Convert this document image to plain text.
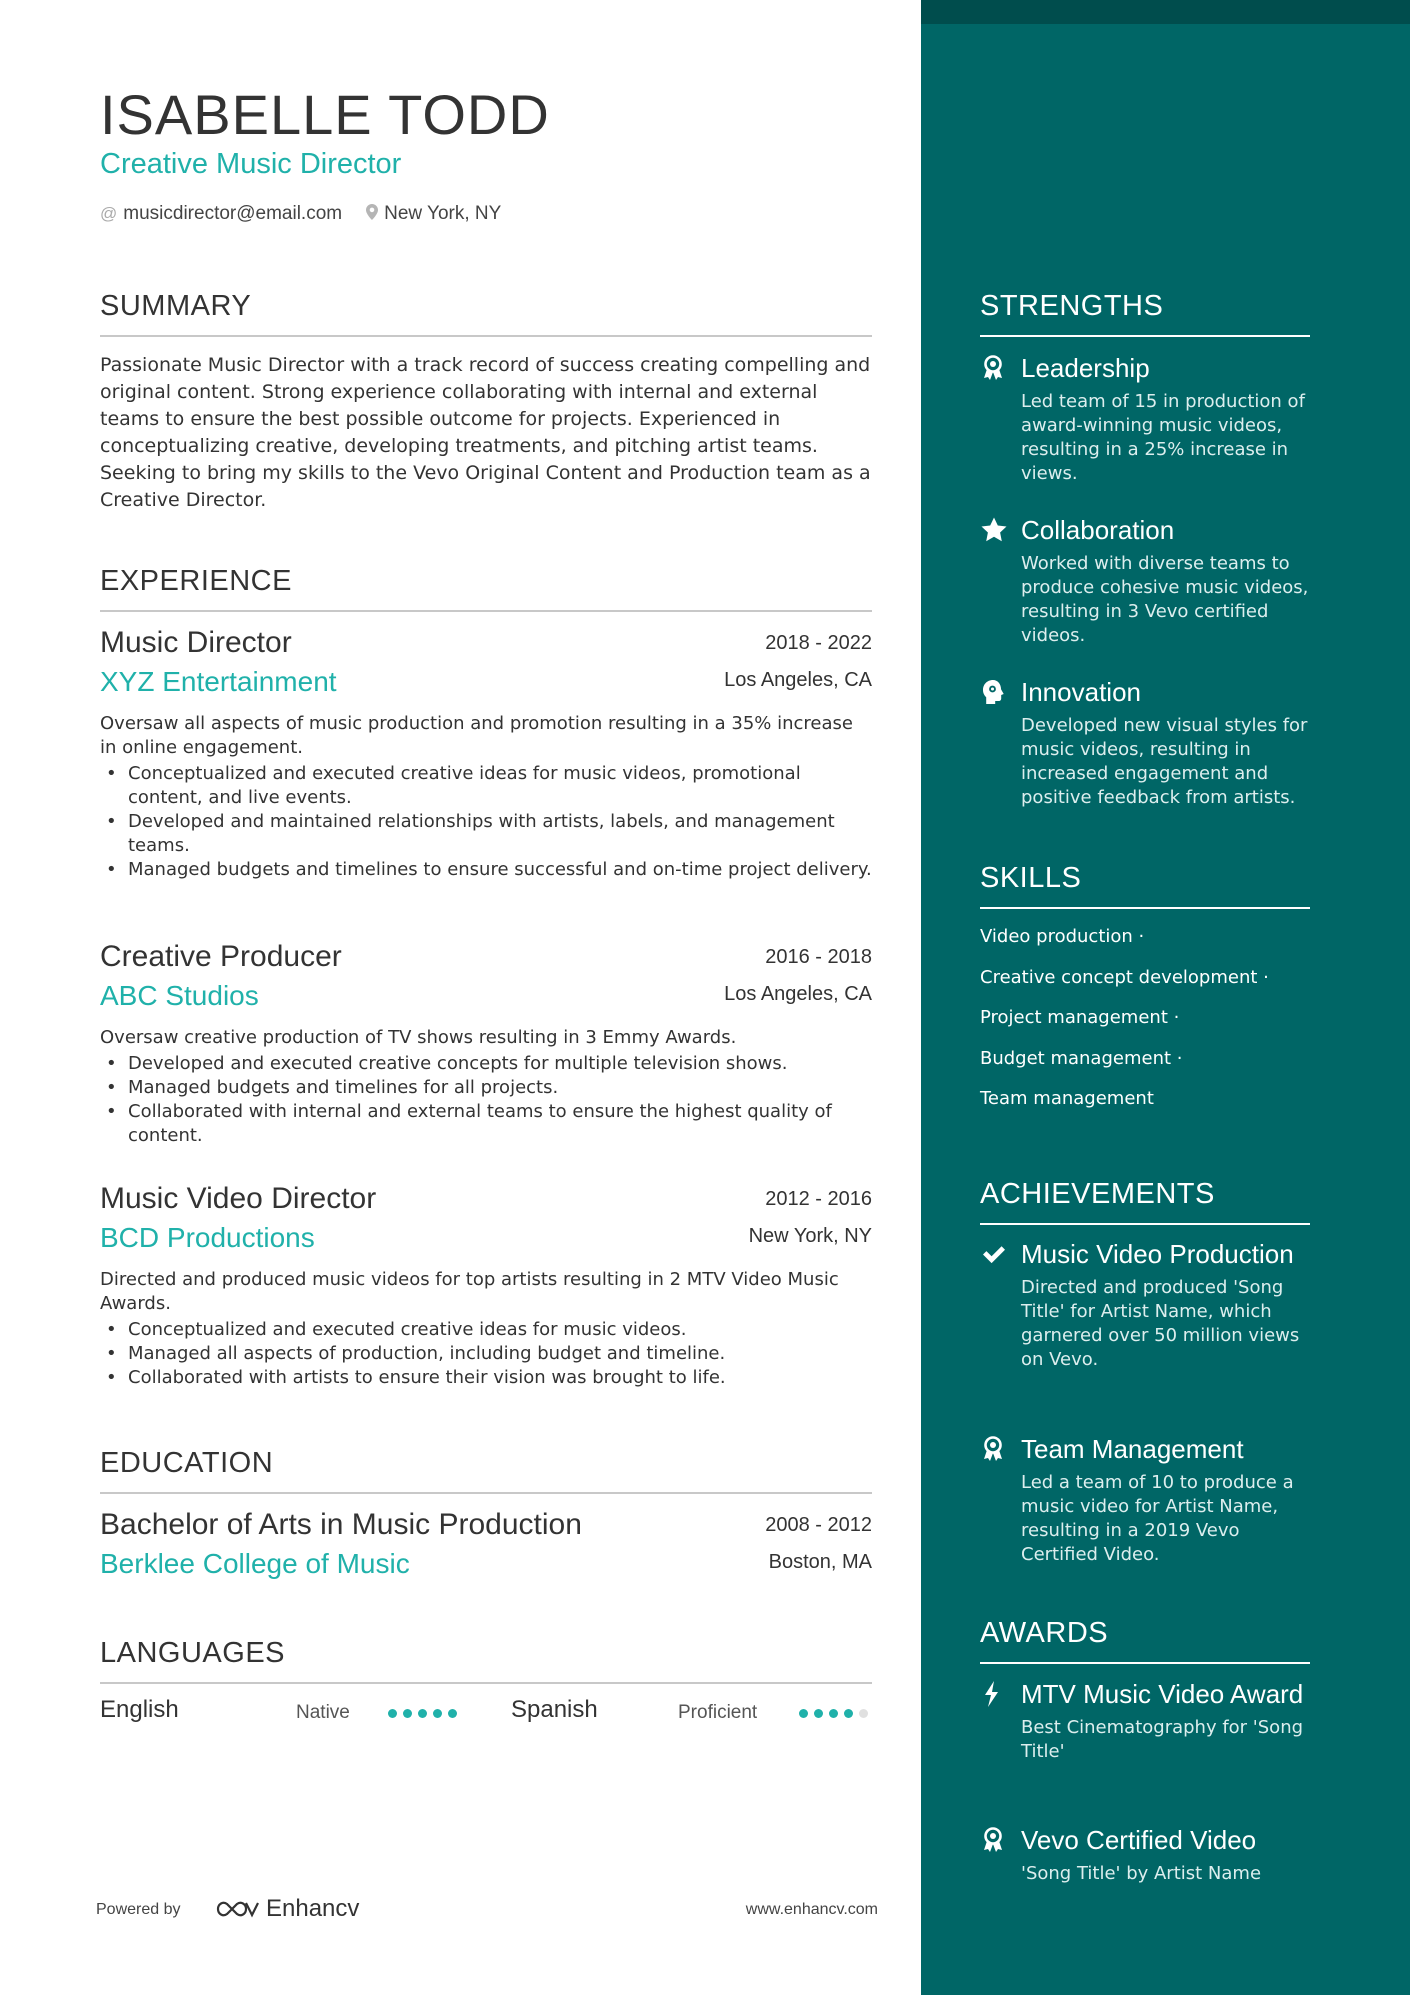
ISABELLE TODD
Creative Music Director
@ musicdirector@email.com New York, NY
SUMMARY
Passionate Music Director with a track record of success creating compelling and original content. Strong experience collaborating with internal and external teams to ensure the best possible outcome for projects. Experienced in conceptualizing creative, developing treatments, and pitching artist teams. Seeking to bring my skills to the Vevo Original Content and Production team as a Creative Director.
EXPERIENCE
Music Director	2018 - 2022
XYZ Entertainment	Los Angeles, CA
Oversaw all aspects of music production and promotion resulting in a 35% increase in online engagement.
• Conceptualized and executed creative ideas for music videos, promotional content, and live events.
• Developed and maintained relationships with artists, labels, and management teams.
• Managed budgets and timelines to ensure successful and on-time project delivery.
Creative Producer	2016 - 2018
ABC Studios	Los Angeles, CA
Oversaw creative production of TV shows resulting in 3 Emmy Awards.
• Developed and executed creative concepts for multiple television shows.
• Managed budgets and timelines for all projects.
• Collaborated with internal and external teams to ensure the highest quality of content.
Music Video Director	2012 - 2016
BCD Productions	New York, NY
Directed and produced music videos for top artists resulting in 2 MTV Video Music Awards.
• Conceptualized and executed creative ideas for music videos.
• Managed all aspects of production, including budget and timeline.
• Collaborated with artists to ensure their vision was brought to life.
EDUCATION
Bachelor of Arts in Music Production	2008 - 2012
Berklee College of Music	Boston, MA
LANGUAGES
English	Native	Spanish	Proficient
Powered by	Enhancv	www.enhancv.com
STRENGTHS
Leadership
Led team of 15 in production of award-winning music videos, resulting in a 25% increase in views.
Collaboration
Worked with diverse teams to produce cohesive music videos, resulting in 3 Vevo certified videos.
Innovation
Developed new visual styles for music videos, resulting in increased engagement and positive feedback from artists.
SKILLS
Video production ·
Creative concept development ·
Project management ·
Budget management ·
Team management
ACHIEVEMENTS
Music Video Production
Directed and produced 'Song Title' for Artist Name, which garnered over 50 million views on Vevo.
Team Management
Led a team of 10 to produce a music video for Artist Name, resulting in a 2019 Vevo Certified Video.
AWARDS
MTV Music Video Award
Best Cinematography for 'Song Title'
Vevo Certified Video
'Song Title' by Artist Name
